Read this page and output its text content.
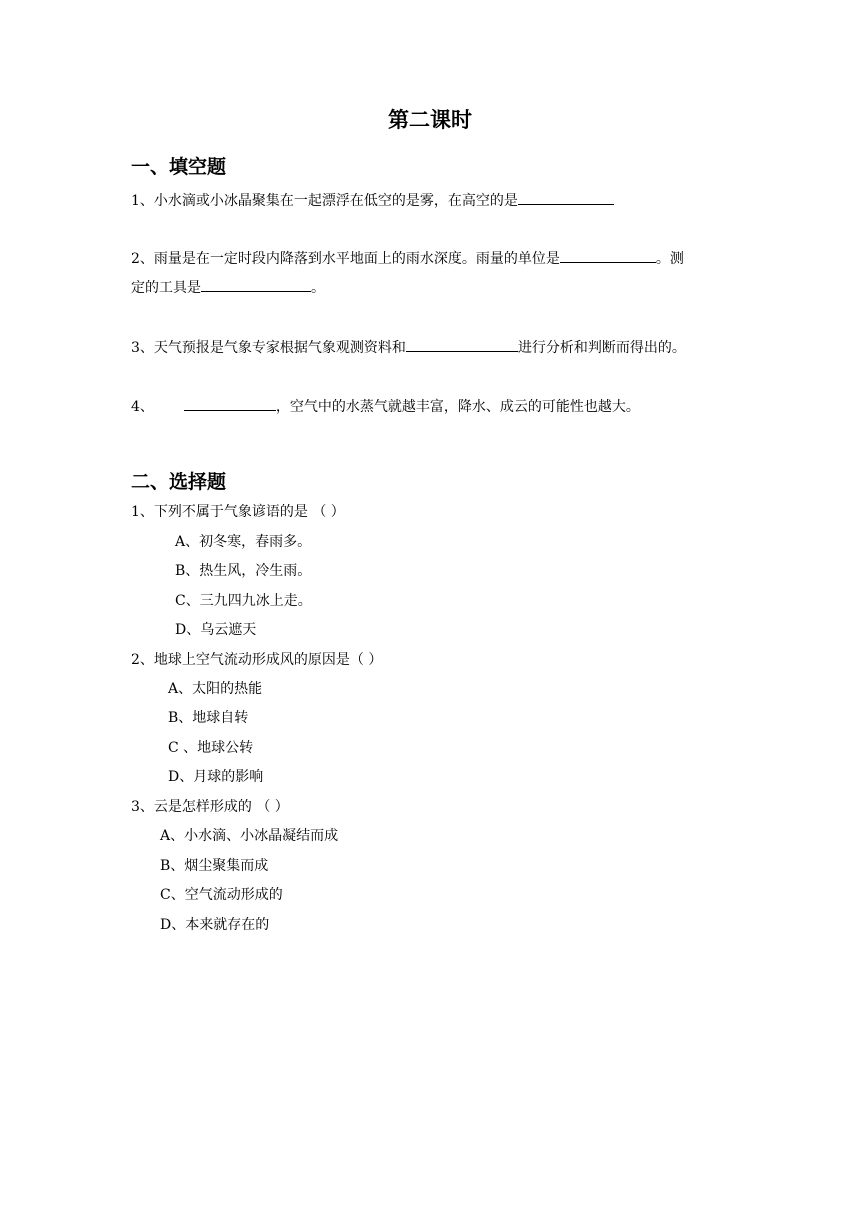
第二课时
一、填空题
1、小水滴或小冰晶聚集在一起漂浮在低空的是雾，在高空的是
2、雨量是在一定时段内降落到水平地面上的雨水深度。雨量的单位是	。测
定的工具是	。
3、天气预报是气象专家根据气象观测资料和	进行分析和判断而得出的。
4、	，空气中的水蒸气就越丰富，降水、成云的可能性也越大。
二、选择题
1、下列不属于气象谚语的是 （ ）
A、初冬寒，春雨多。
B、热生风，冷生雨。
C、三九四九冰上走。
D、乌云遮天
2、地球上空气流动形成风的原因是（ ）
A、太阳的热能
B、地球自转
C 、地球公转
D、月球的影响
3、云是怎样形成的 （ ）
A、小水滴、小冰晶凝结而成
B、烟尘聚集而成
C、空气流动形成的
D、本来就存在的
